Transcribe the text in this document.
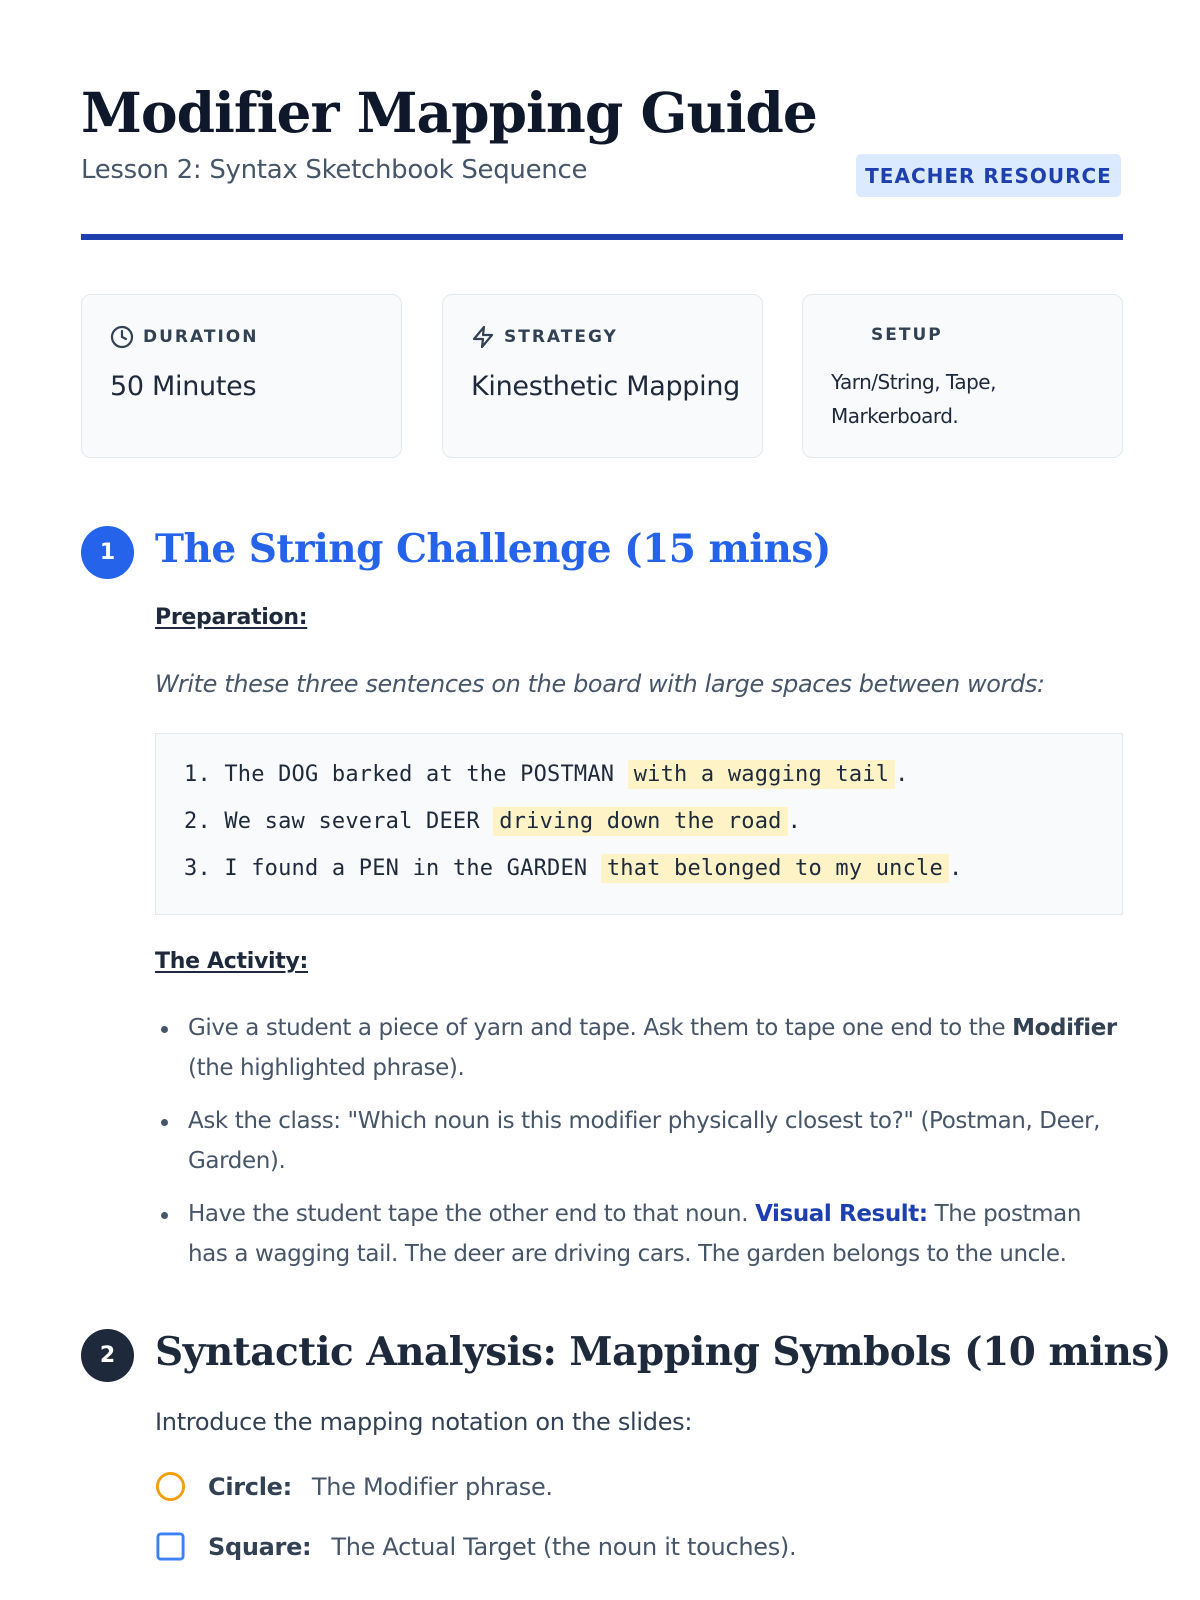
Modifier Mapping Guide
Lesson 2: Syntax Sketchbook Sequence	TEACHER RESOURCE
DURATION
50 Minutes
STRATEGY
Kinesthetic Mapping
SETUP
Yarn/String, Tape, Markerboard.
1	The String Challenge (15 mins)
Preparation:
Write these three sentences on the board with large spaces between words:
1. The DOG barked at the POSTMAN with a wagging tail .
2. We saw several DEER driving down the road .
3. I found a PEN in the GARDEN that belonged to my uncle .
The Activity:
Give a student a piece of yarn and tape. Ask them to tape one end to the Modifier (the highlighted phrase).
Ask the class: "Which noun is this modifier physically closest to?" (Postman, Deer, Garden).
Have the student tape the other end to that noun. Visual Result: The postman has a wagging tail. The deer are driving cars. The garden belongs to the uncle.
2	Syntactic Analysis: Mapping Symbols (10 mins)
Introduce the mapping notation on the slides:
Circle: The Modifier phrase.
Square: The Actual Target (the noun it touches).
